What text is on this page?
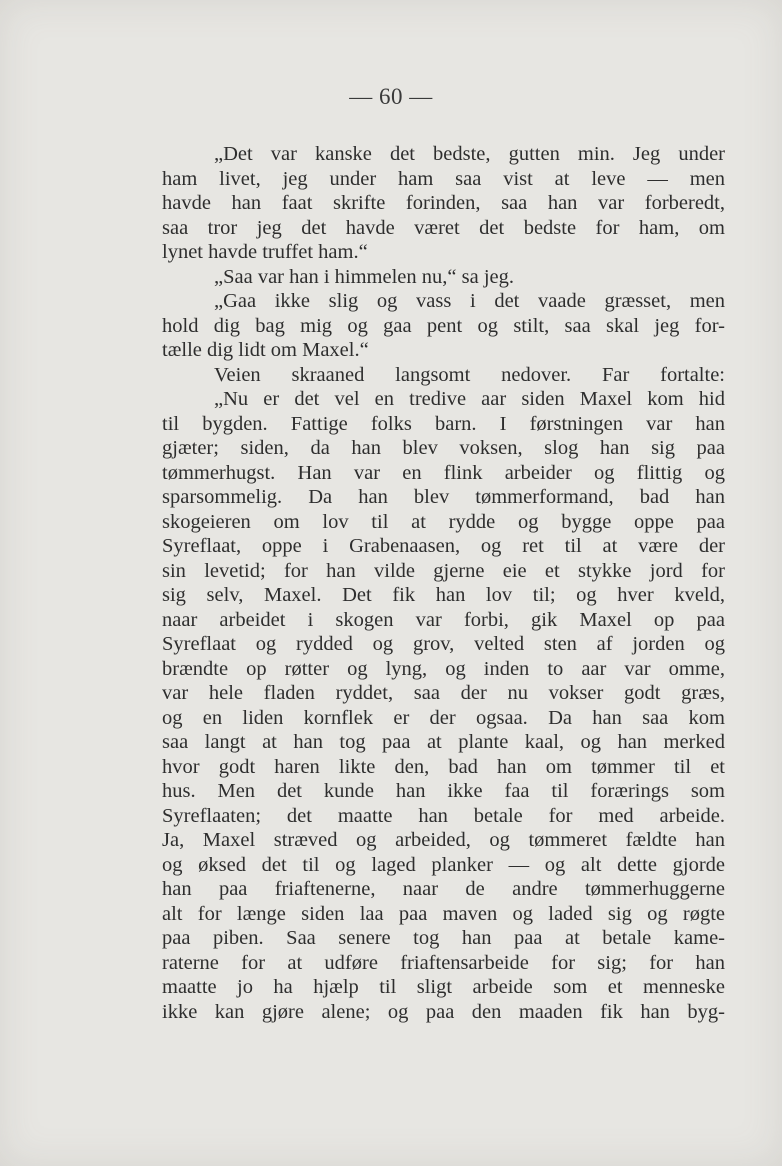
— 60 —
„Det var kanske det bedste, gutten min. Jeg under
ham livet, jeg under ham saa vist at leve — men
havde han faat skrifte forinden, saa han var forberedt,
saa tror jeg det havde været det bedste for ham, om
lynet havde truffet ham.“
„Saa var han i himmelen nu,“ sa jeg.
„Gaa ikke slig og vass i det vaade græsset, men
hold dig bag mig og gaa pent og stilt, saa skal jeg for-
tælle dig lidt om Maxel.“
Veien skraaned langsomt nedover. Far fortalte:
„Nu er det vel en tredive aar siden Maxel kom hid
til bygden. Fattige folks barn. I førstningen var han
gjæter; siden, da han blev voksen, slog han sig paa
tømmerhugst. Han var en flink arbeider og flittig og
sparsommelig. Da han blev tømmerformand, bad han
skogeieren om lov til at rydde og bygge oppe paa
Syreflaat, oppe i Grabenaasen, og ret til at være der
sin levetid; for han vilde gjerne eie et stykke jord for
sig selv, Maxel. Det fik han lov til; og hver kveld,
naar arbeidet i skogen var forbi, gik Maxel op paa
Syreflaat og rydded og grov, velted sten af jorden og
brændte op røtter og lyng, og inden to aar var omme,
var hele fladen ryddet, saa der nu vokser godt græs,
og en liden kornflek er der ogsaa. Da han saa kom
saa langt at han tog paa at plante kaal, og han merked
hvor godt haren likte den, bad han om tømmer til et
hus. Men det kunde han ikke faa til forærings som
Syreflaaten; det maatte han betale for med arbeide.
Ja, Maxel stræved og arbeided, og tømmeret fældte han
og øksed det til og laged planker — og alt dette gjorde
han paa friaftenerne, naar de andre tømmerhuggerne
alt for længe siden laa paa maven og laded sig og røgte
paa piben. Saa senere tog han paa at betale kame-
raterne for at udføre friaftensarbeide for sig; for han
maatte jo ha hjælp til sligt arbeide som et menneske
ikke kan gjøre alene; og paa den maaden fik han byg-
